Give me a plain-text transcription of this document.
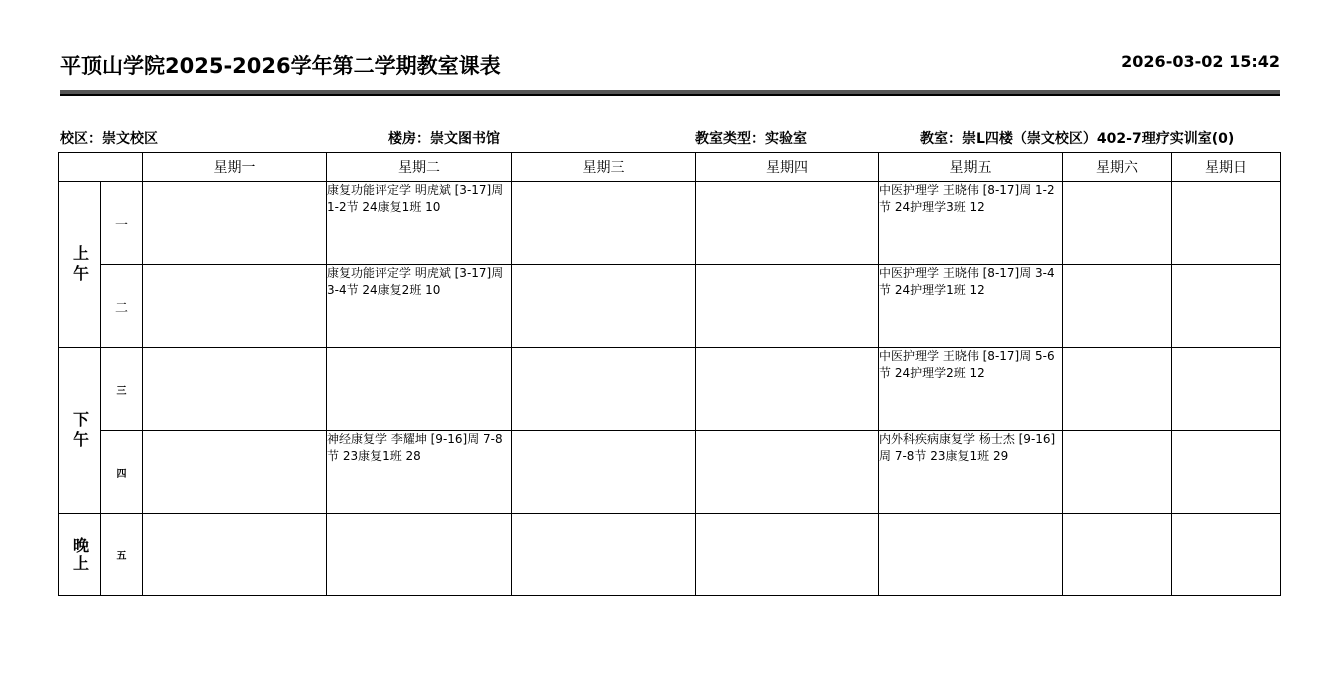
平顶山学院2025-2026学年第二学期教室课表	2026-03-02 15:42
校区：崇文校区	楼房：崇文图书馆	教室类型：实验室	教室：崇L四楼（崇文校区）402-7理疗实训室(0)
		星期一	星期二	星期三	星期四	星期五	星期六	星期日
上午	一		康复功能评定学 明虎斌 [3-17]周 1-2节 24康复1班 10			中医护理学 王晓伟 [8-17]周 1-2节 24护理学3班 12		
	二		康复功能评定学 明虎斌 [3-17]周 3-4节 24康复2班 10			中医护理学 王晓伟 [8-17]周 3-4节 24护理学1班 12		
下午	三					中医护理学 王晓伟 [8-17]周 5-6节 24护理学2班 12		
	四		神经康复学 李耀坤 [9-16]周 7-8节 23康复1班 28			内外科疾病康复学 杨士杰 [9-16]周 7-8节 23康复1班 29		
晚上	五							
